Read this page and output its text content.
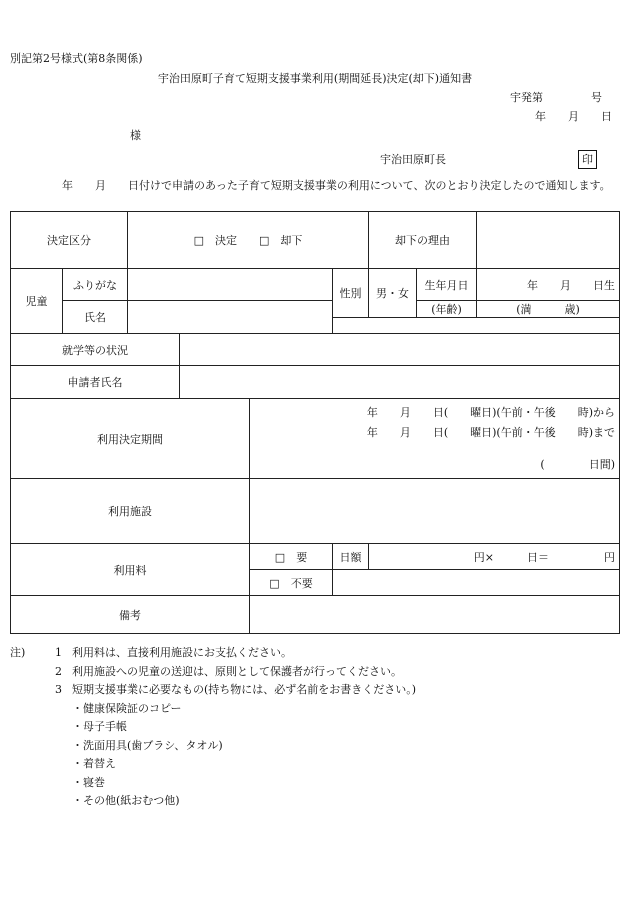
別記第2号様式(第8条関係)
宇治田原町子育て短期支援事業利用(期間延長)決定(却下)通知書
宇発第	号
年　　月　　日
様
宇治田原町長	印
年　　月　　日付けで申請のあった子育て短期支援事業の利用について、次のとおり決定したので通知します。
決定区分		□　決定   □　却下				却下の理由		
児童	ふりがな				性別	男・女	生年月日	年　　月　　日生
	氏名						(年齢)	(満　　　歳)

就学等の状況								
申請者氏名								
利用決定期間				年　　月　　日(　　曜日)(午前・午後　　時)から
年　　月　　日(　　曜日)(午前・午後　　時)まで
(　　　　日間)				

利用施設								
利用料				□　要	日額	円×　　　日＝　　　　　円		
				□　不要				
備考								
注)	1 利用料は、直接利用施設にお支払ください。
2 利用施設への児童の送迎は、原則として保護者が行ってください。
3 短期支援事業に必要なもの(持ち物には、必ず名前をお書きください。)
・健康保険証のコピー
・母子手帳
・洗面用具(歯ブラシ、タオル)
・着替え
・寝巻
・その他(紙おむつ他)
